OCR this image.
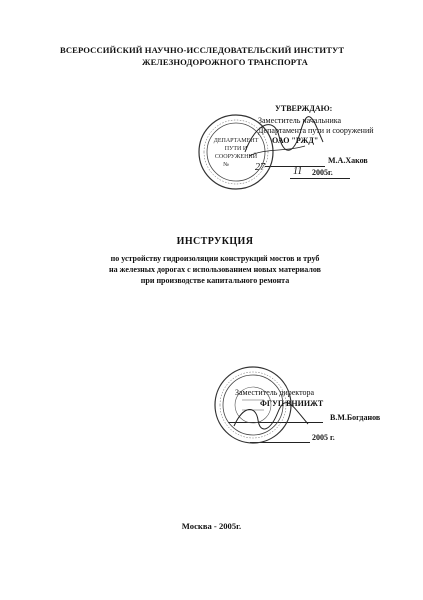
ВСЕРОССИЙСКИЙ НАУЧНО-ИССЛЕДОВАТЕЛЬСКИЙ ИНСТИТУТ
ЖЕЛЕЗНОДОРОЖНОГО ТРАНСПОРТА
УТВЕРЖДАЮ:
Заместитель начальника
Департамента пути и сооружений
ОАО "РЖД"
М.А.Хаков
27	11 2005г.
ДЕПАРТАМЕНТ
ПУТИ И
СООРУЖЕНИЙ
№
ИНСТРУКЦИЯ
по устройству гидроизоляции конструкций мостов и труб
на железных дорогах с использованием новых материалов
при производстве капитального ремонта
Заместитель директора
ФГУП ВНИИЖТ
В.М.Богданов
2005 г.
Москва - 2005г.
